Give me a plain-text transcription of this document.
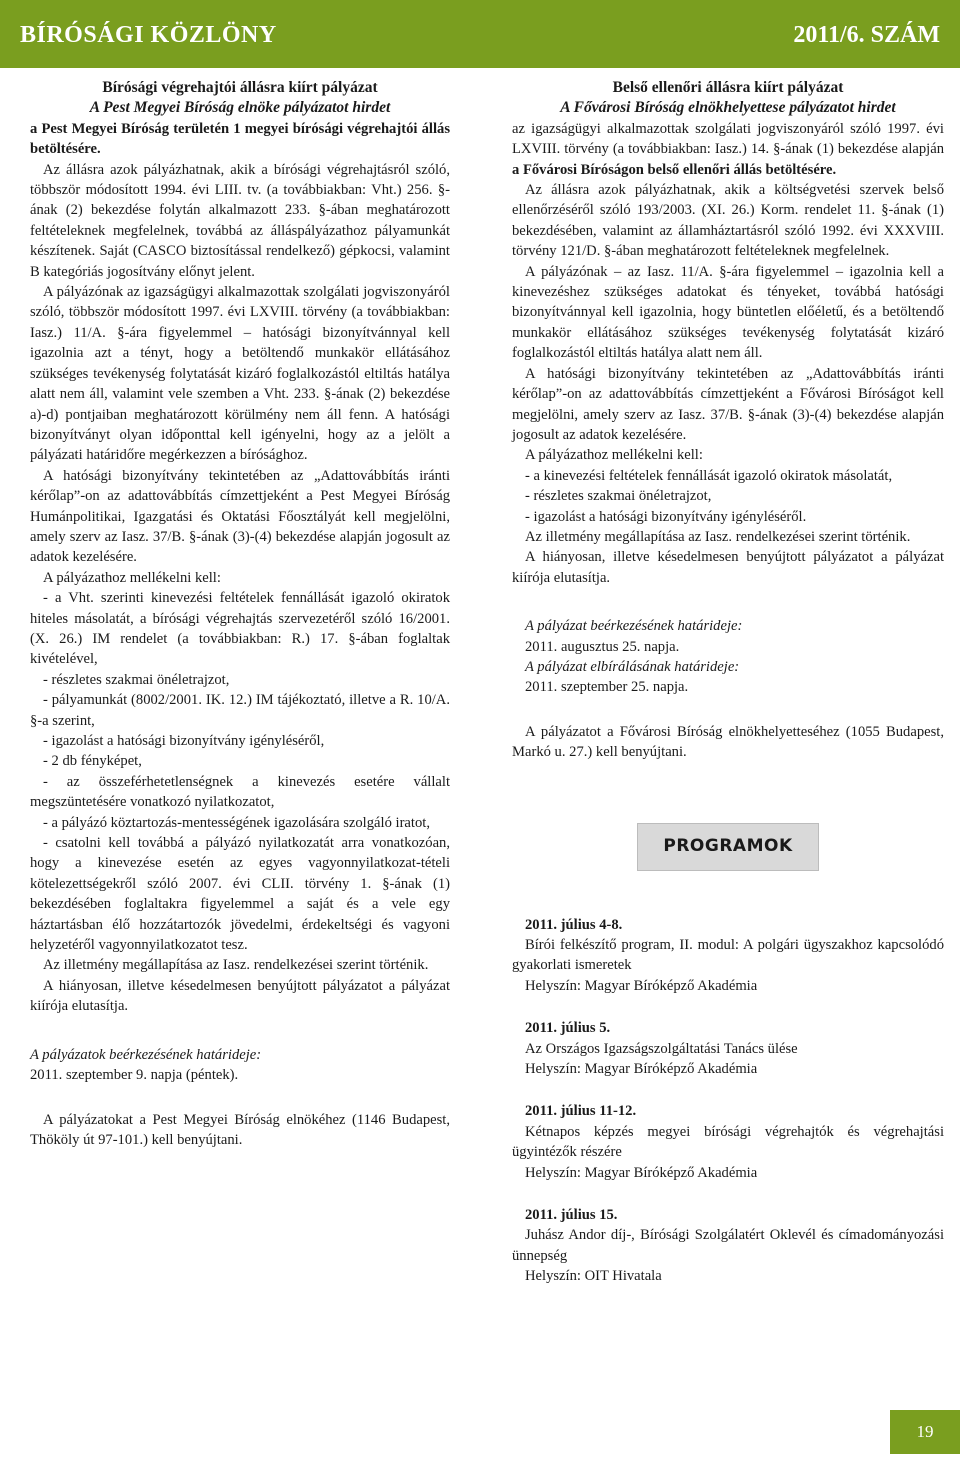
BÍRÓSÁGI KÖZLÖNY	2011/6. SZÁM

Bírósági végrehajtói állásra kiírt pályázat

A Pest Megyei Bíróság elnöke pályázatot hirdet

a Pest Megyei Bíróság területén 1 megyei bírósági végrehajtói állás betöltésére.

Az állásra azok pályázhatnak, akik a bírósági végrehajtásról szóló, többször módosított 1994. évi LIII. tv. (a továbbiakban: Vht.) 256. §-ának (2) bekezdése folytán alkalmazott 233. §-ában meghatározott feltételeknek megfelelnek, továbbá az álláspályázathoz pályamunkát készítenek. Saját (CASCO biztosítással rendelkező) gépkocsi, valamint B kategóriás jogosítvány előnyt jelent.

A pályázónak az igazságügyi alkalmazottak szolgálati jogviszonyáról szóló, többször módosított 1997. évi LXVIII. törvény (a továbbiakban: Iasz.) 11/A. §-ára figyelemmel – hatósági bizonyítvánnyal kell igazolnia azt a tényt, hogy a betöltendő munkakör ellátásához szükséges tevékenység folytatását kizáró foglalkozástól eltiltás hatálya alatt nem áll, valamint vele szemben a Vht. 233. §-ának (2) bekezdése a)-d) pontjaiban meghatározott körülmény nem áll fenn. A hatósági bizonyítványt olyan időponttal kell igényelni, hogy az a jelölt a pályázati határidőre megérkezzen a bírósághoz.

A hatósági bizonyítvány tekintetében az „Adattovábbítás iránti kérőlap”-on az adattovábbítás címzettjeként a Pest Megyei Bíróság Humánpolitikai, Igazgatási és Oktatási Főosztályát kell megjelölni, amely szerv az Iasz. 37/B. §-ának (3)-(4) bekezdése alapján jogosult az adatok kezelésére.

A pályázathoz mellékelni kell:

- a Vht. szerinti kinevezési feltételek fennállását igazoló okiratok hiteles másolatát, a bírósági végrehajtás szervezetéről szóló 16/2001. (X. 26.) IM rendelet (a továbbiakban: R.) 17. §-ában foglaltak kivételével,

- részletes szakmai önéletrajzot,

- pályamunkát (8002/2001. IK. 12.) IM tájékoztató, illetve a R. 10/A. §-a szerint,

- igazolást a hatósági bizonyítvány igényléséről,

- 2 db fényképet,

- az összeférhetetlenségnek a kinevezés esetére vállalt megszüntetésére vonatkozó nyilatkozatot,

- a pályázó köztartozás-mentességének igazolására szolgáló iratot,

- csatolni kell továbbá a pályázó nyilatkozatát arra vonatkozóan, hogy a kinevezése esetén az egyes vagyonnyilatkozat-tételi kötelezettségekről szóló 2007. évi CLII. törvény 1. §-ának (1) bekezdésében foglaltakra figyelemmel a saját és a vele egy háztartásban élő hozzátartozók jövedelmi, érdekeltségi és vagyoni helyzetéről vagyonnyilatkozatot tesz.

Az illetmény megállapítása az Iasz. rendelkezései szerint történik.

A hiányosan, illetve késedelmesen benyújtott pályázatot a pályázat kiírója elutasítja.

A pályázatok beérkezésének határideje:

2011. szeptember 9. napja (péntek).

A pályázatokat a Pest Megyei Bíróság elnökéhez (1146 Budapest, Thököly út 97-101.) kell benyújtani.

Belső ellenőri állásra kiírt pályázat

A Fővárosi Bíróság elnökhelyettese pályázatot hirdet

az igazságügyi alkalmazottak szolgálati jogviszonyáról szóló 1997. évi LXVIII. törvény (a továbbiakban: Iasz.) 14. §-ának (1) bekezdése alapján a Fővárosi Bíróságon belső ellenőri állás betöltésére.

Az állásra azok pályázhatnak, akik a költségvetési szervek belső ellenőrzéséről szóló 193/2003. (XI. 26.) Korm. rendelet 11. §-ának (1) bekezdésében, valamint az államháztartásról szóló 1992. évi XXXVIII. törvény 121/D. §-ában meghatározott feltételeknek megfelelnek.

A pályázónak – az Iasz. 11/A. §-ára figyelemmel – igazolnia kell a kinevezéshez szükséges adatokat és tényeket, továbbá hatósági bizonyítvánnyal kell igazolnia, hogy büntetlen előéletű, és a betöltendő munkakör ellátásához szükséges tevékenység folytatását kizáró foglalkozástól eltiltás hatálya alatt nem áll.

A hatósági bizonyítvány tekintetében az „Adattovábbítás iránti kérőlap”-on az adattovábbítás címzettjeként a Fővárosi Bíróságot kell megjelölni, amely szerv az Iasz. 37/B. §-ának (3)-(4) bekezdése alapján jogosult az adatok kezelésére.

A pályázathoz mellékelni kell:

- a kinevezési feltételek fennállását igazoló okiratok másolatát,

- részletes szakmai önéletrajzot,

- igazolást a hatósági bizonyítvány igényléséről.

Az illetmény megállapítása az Iasz. rendelkezései szerint történik.

A hiányosan, illetve késedelmesen benyújtott pályázatot a pályázat kiírója elutasítja.

A pályázat beérkezésének határideje:

2011. augusztus 25. napja.

A pályázat elbírálásának határideje:

2011. szeptember 25. napja.

A pályázatot a Fővárosi Bíróság elnökhelyetteséhez (1055 Budapest, Markó u. 27.) kell benyújtani.

PROGRAMOK

2011. július 4-8.

Bírói felkészítő program, II. modul: A polgári ügyszakhoz kapcsolódó gyakorlati ismeretek

Helyszín: Magyar Bíróképző Akadémia

2011. július 5.

Az Országos Igazságszolgáltatási Tanács ülése

Helyszín: Magyar Bíróképző Akadémia

2011. július 11-12.

Kétnapos képzés megyei bírósági végrehajtók és végrehajtási ügyintézők részére

Helyszín: Magyar Bíróképző Akadémia

2011. július 15.

Juhász Andor díj-, Bírósági Szolgálatért Oklevél és címadományozási ünnepség

Helyszín: OIT Hivatala

19
